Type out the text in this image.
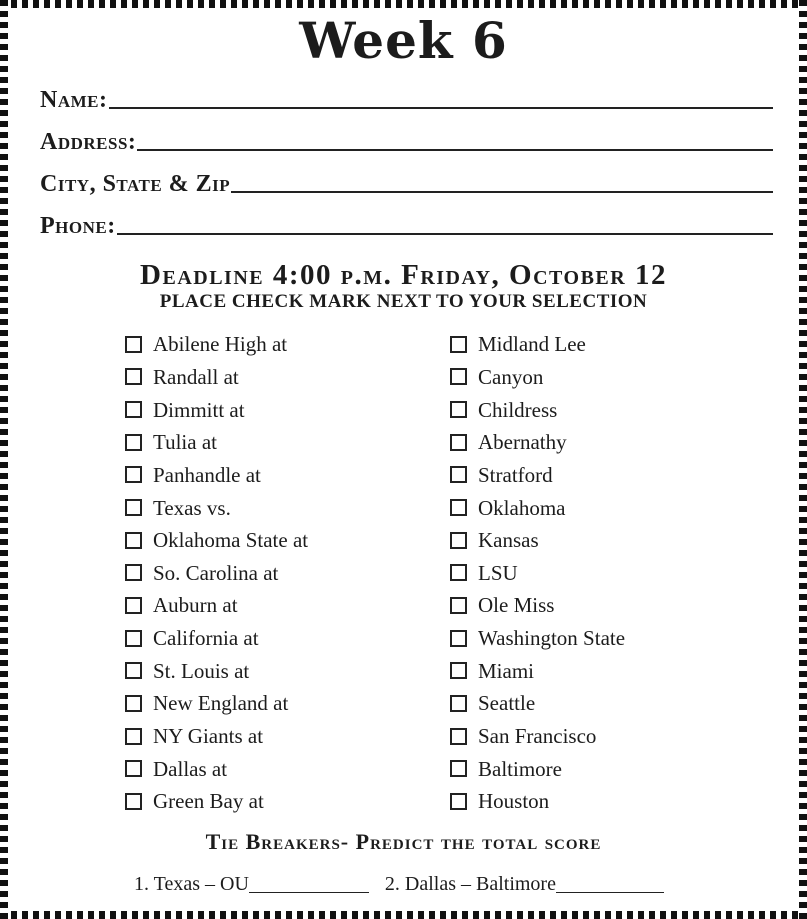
Week 6
Name:
Address:
City, State & Zip
Phone:
Deadline 4:00 p.m. Friday, October 12
PLACE CHECK MARK NEXT TO YOUR SELECTION
Abilene High at
Randall at
Dimmitt at
Tulia at
Panhandle at
Texas vs.
Oklahoma State at
So. Carolina at
Auburn at
California at
St. Louis at
New England at
NY Giants at
Dallas at
Green Bay at
Midland Lee
Canyon
Childress
Abernathy
Stratford
Oklahoma
Kansas
LSU
Ole Miss
Washington State
Miami
Seattle
San Francisco
Baltimore
Houston
Tie Breakers- Predict the total score
1. Texas – OU	2. Dallas – Baltimore
